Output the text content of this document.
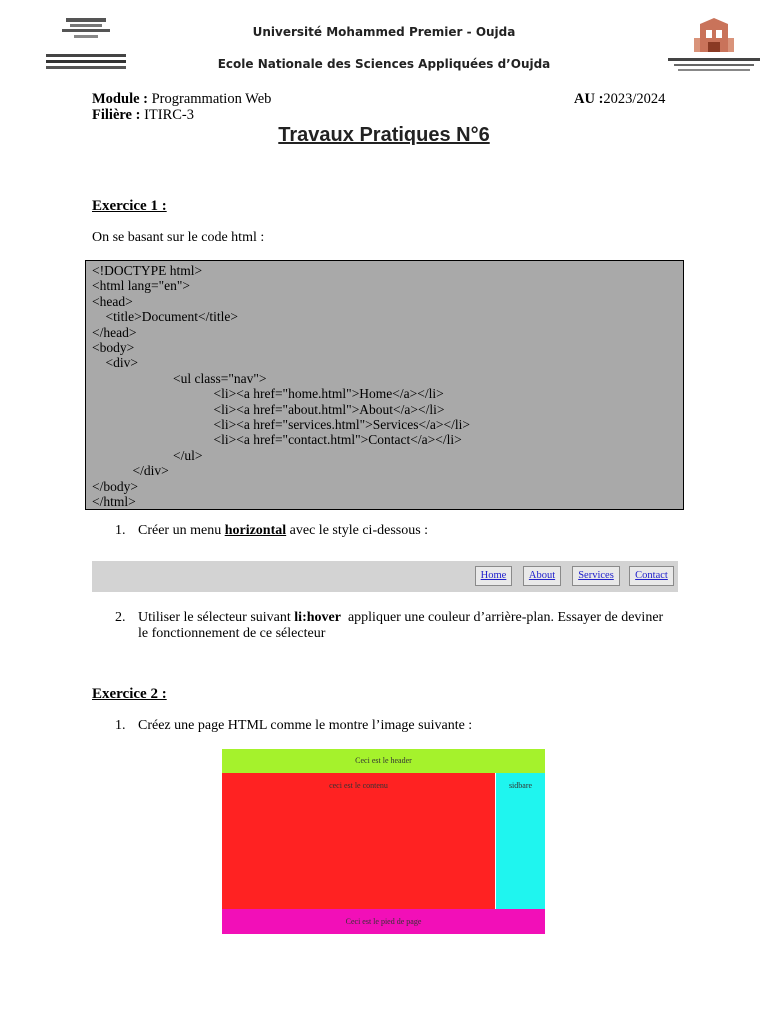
Université Mohammed Premier - Oujda
Ecole Nationale des Sciences Appliquées d’Oujda
Module : Programmation Web
Filière : ITIRC-3
AU :2023/2024
Travaux Pratiques N°6
Exercice 1 :
On se basant sur le code html :
<!DOCTYPE html>
<html lang="en">
<head>
<title>Document</title>
</head>
<body>
<div>
<ul class="nav">
<li><a href="home.html">Home</a></li>
<li><a href="about.html">About</a></li>
<li><a href="services.html">Services</a></li>
<li><a href="contact.html">Contact</a></li>
</ul>
</div>
</body>
</html>
1. Créer un menu horizontal avec le style ci-dessous :
Home	About	Services	Contact
2. Utiliser le sélecteur suivant li:hover  appliquer une couleur d’arrière-plan. Essayer de deviner
le fonctionnement de ce sélecteur
Exercice 2 :
1. Créez une page HTML comme le montre l’image suivante :
Ceci est le header
ceci est le contenu	sidbare
Ceci est le pied de page
